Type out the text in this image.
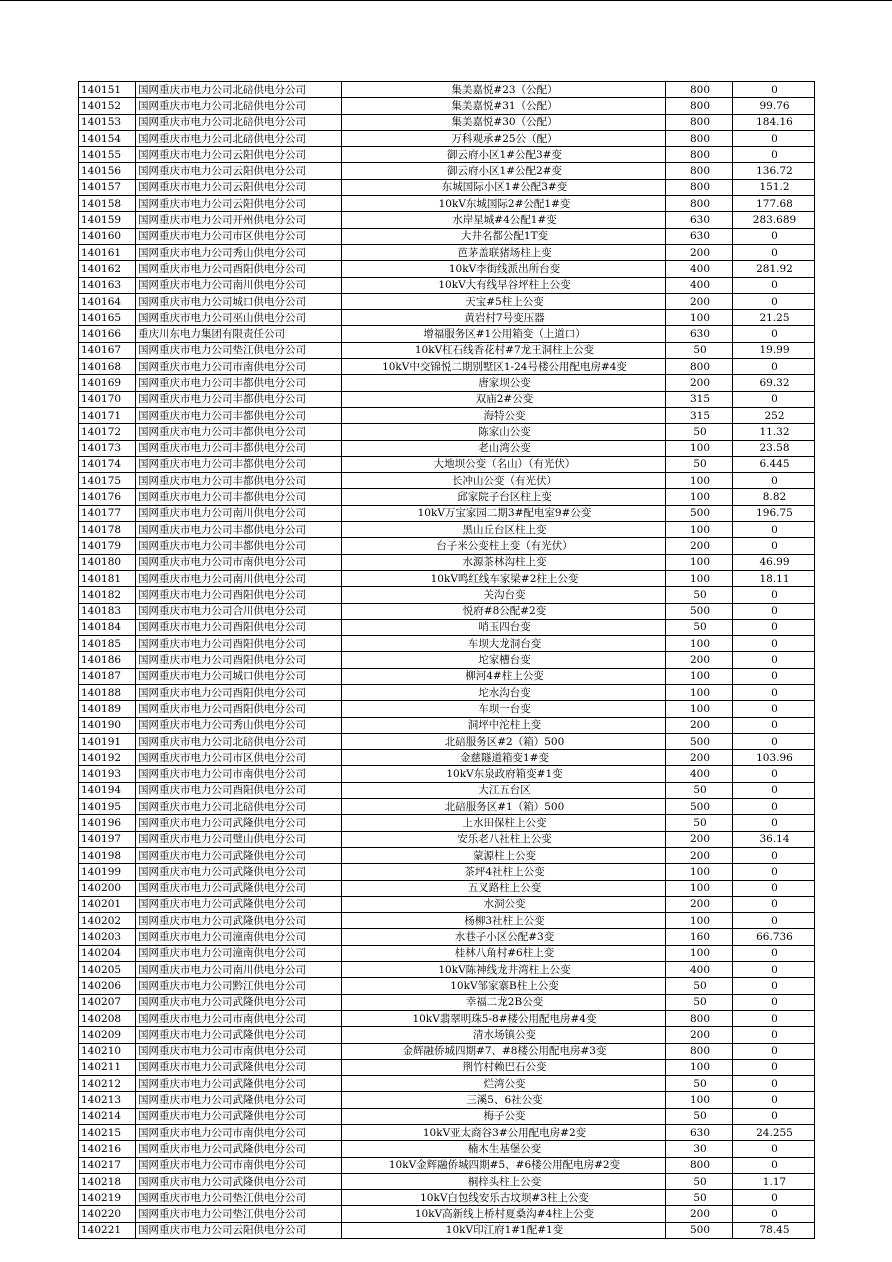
140151	国网重庆市电力公司北碚供电分公司	集美嘉悦#23（公配）	800	0
140152	国网重庆市电力公司北碚供电分公司	集美嘉悦#31（公配）	800	99.76
140153	国网重庆市电力公司北碚供电分公司	集美嘉悦#30（公配）	800	184.16
140154	国网重庆市电力公司北碚供电分公司	万科观承#25公（配）	800	0
140155	国网重庆市电力公司云阳供电分公司	御云府小区1#公配3#变	800	0
140156	国网重庆市电力公司云阳供电分公司	御云府小区1#公配2#变	800	136.72
140157	国网重庆市电力公司云阳供电分公司	东城国际小区1#公配3#变	800	151.2
140158	国网重庆市电力公司云阳供电分公司	10kV东城国际2#公配1#变	800	177.68
140159	国网重庆市电力公司开州供电分公司	水岸星城#4公配1#变	630	283.689
140160	国网重庆市电力公司市区供电分公司	大井名都公配1T变	630	0
140161	国网重庆市电力公司秀山供电分公司	芭茅盖联猪场柱上变	200	0
140162	国网重庆市电力公司酉阳供电分公司	10kV李街线派出所台变	400	281.92
140163	国网重庆市电力公司南川供电分公司	10kV大有线早谷坪柱上公变	400	0
140164	国网重庆市电力公司城口供电分公司	天宝#5柱上公变	200	0
140165	国网重庆市电力公司巫山供电分公司	黄岩村7号变压器	100	21.25
140166	重庆川东电力集团有限责任公司	增福服务区#1公用箱变（上道口）	630	0
140167	国网重庆市电力公司垫江供电分公司	10kV杠石线香花村#7龙王洞柱上公变	50	19.99
140168	国网重庆市电力公司市南供电分公司	10kV中交锦悦二期别墅区1-24号楼公用配电房#4变	800	0
140169	国网重庆市电力公司丰都供电分公司	唐家坝公变	200	69.32
140170	国网重庆市电力公司丰都供电分公司	双庙2#公变	315	0
140171	国网重庆市电力公司丰都供电分公司	海特公变	315	252
140172	国网重庆市电力公司丰都供电分公司	陈家山公变	50	11.32
140173	国网重庆市电力公司丰都供电分公司	老山湾公变	100	23.58
140174	国网重庆市电力公司丰都供电分公司	大地坝公变（名山）（有光伏）	50	6.445
140175	国网重庆市电力公司丰都供电分公司	长冲山公变（有光伏）	100	0
140176	国网重庆市电力公司丰都供电分公司	邱家院子台区柱上变	100	8.82
140177	国网重庆市电力公司南川供电分公司	10kV万宝家园二期3#配电室9#公变	500	196.75
140178	国网重庆市电力公司丰都供电分公司	黑山丘台区柱上变	100	0
140179	国网重庆市电力公司丰都供电分公司	台子米公变柱上变（有光伏）	200	0
140180	国网重庆市电力公司市南供电分公司	水源茶林沟柱上变	100	46.99
140181	国网重庆市电力公司南川供电分公司	10kV鸣红线车家梁#2柱上公变	100	18.11
140182	国网重庆市电力公司酉阳供电分公司	关沟台变	50	0
140183	国网重庆市电力公司合川供电分公司	悦府#8公配#2变	500	0
140184	国网重庆市电力公司酉阳供电分公司	哨玉四台变	50	0
140185	国网重庆市电力公司酉阳供电分公司	车坝大龙洞台变	100	0
140186	国网重庆市电力公司酉阳供电分公司	坨家槽台变	200	0
140187	国网重庆市电力公司城口供电分公司	柳河4#柱上公变	100	0
140188	国网重庆市电力公司酉阳供电分公司	坨水沟台变	100	0
140189	国网重庆市电力公司酉阳供电分公司	车坝一台变	100	0
140190	国网重庆市电力公司秀山供电分公司	洞坪中沱柱上变	200	0
140191	国网重庆市电力公司北碚供电分公司	北碚服务区#2（箱）500	500	0
140192	国网重庆市电力公司市区供电分公司	金慈隧道箱变1#变	200	103.96
140193	国网重庆市电力公司市南供电分公司	10kV东泉政府箱变#1变	400	0
140194	国网重庆市电力公司酉阳供电分公司	大江五台区	50	0
140195	国网重庆市电力公司北碚供电分公司	北碚服务区#1（箱）500	500	0
140196	国网重庆市电力公司武隆供电分公司	上水田保柱上公变	50	0
140197	国网重庆市电力公司璧山供电分公司	安乐老八社柱上公变	200	36.14
140198	国网重庆市电力公司武隆供电分公司	蒙源柱上公变	200	0
140199	国网重庆市电力公司武隆供电分公司	茶坪4社柱上公变	100	0
140200	国网重庆市电力公司武隆供电分公司	五叉路柱上公变	100	0
140201	国网重庆市电力公司武隆供电分公司	水洞公变	200	0
140202	国网重庆市电力公司武隆供电分公司	杨柳3社柱上公变	100	0
140203	国网重庆市电力公司潼南供电分公司	水巷子小区公配#3变	160	66.736
140204	国网重庆市电力公司潼南供电分公司	桂林八角村#6柱上变	100	0
140205	国网重庆市电力公司南川供电分公司	10kV陈神线龙井湾柱上公变	400	0
140206	国网重庆市电力公司黔江供电分公司	10kV邹家寨B柱上公变	50	0
140207	国网重庆市电力公司武隆供电分公司	幸福二龙2B公变	50	0
140208	国网重庆市电力公司市南供电分公司	10kV翡翠明珠5-8#楼公用配电房#4变	800	0
140209	国网重庆市电力公司武隆供电分公司	清水场镇公变	200	0
140210	国网重庆市电力公司市南供电分公司	金辉融侨城四期#7、#8楼公用配电房#3变	800	0
140211	国网重庆市电力公司武隆供电分公司	荆竹村赖巴石公变	100	0
140212	国网重庆市电力公司武隆供电分公司	烂湾公变	50	0
140213	国网重庆市电力公司武隆供电分公司	三溪5、6社公变	100	0
140214	国网重庆市电力公司武隆供电分公司	梅子公变	50	0
140215	国网重庆市电力公司市南供电分公司	10kV亚太商谷3#公用配电房#2变	630	24.255
140216	国网重庆市电力公司武隆供电分公司	楠木生基堡公变	30	0
140217	国网重庆市电力公司市南供电分公司	10kV金辉融侨城四期#5、#6楼公用配电房#2变	800	0
140218	国网重庆市电力公司武隆供电分公司	桐梓头柱上公变	50	1.17
140219	国网重庆市电力公司垫江供电分公司	10kV白包线安乐古坟坝#3柱上公变	50	0
140220	国网重庆市电力公司垫江供电分公司	10kV高新线上桥村夏桑沟#4柱上公变	200	0
140221	国网重庆市电力公司云阳供电分公司	10kV印江府1#1配#1变	500	78.45
